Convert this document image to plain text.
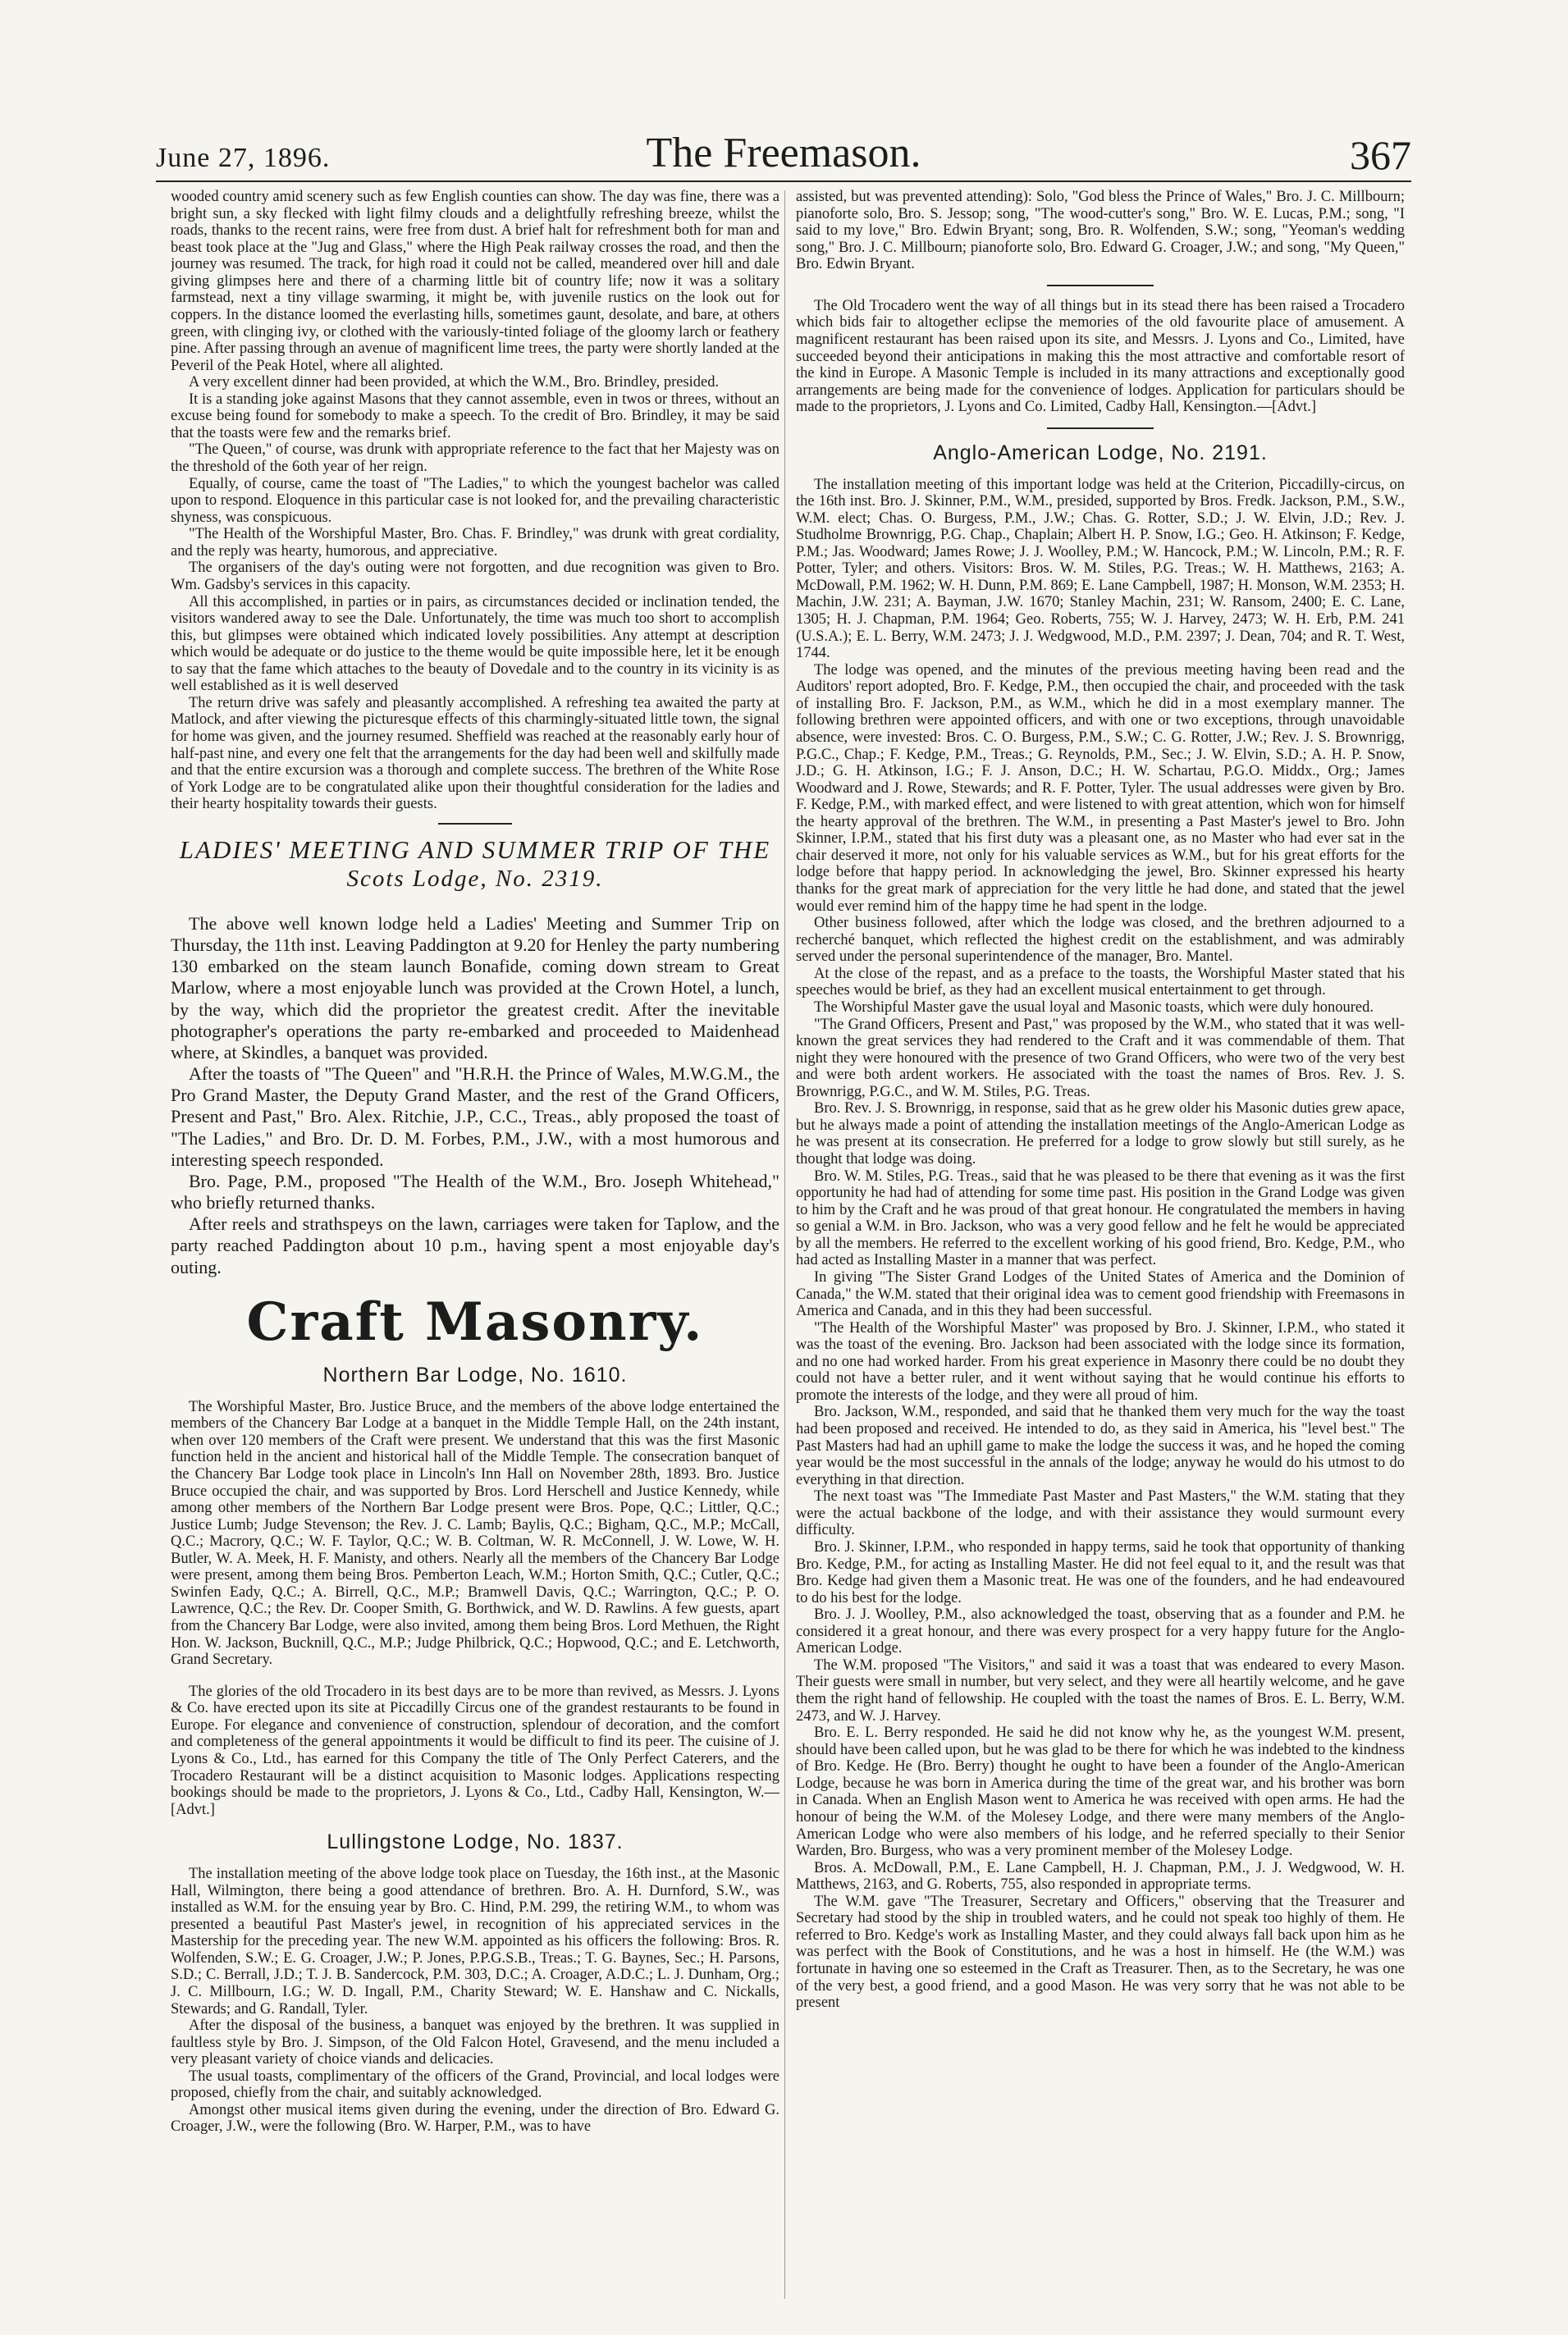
June 27, 1896.	The Freemason.	367

wooded country amid scenery such as few English counties can show. The day was fine, there was a bright sun, a sky flecked with light filmy clouds and a delightfully refreshing breeze, whilst the roads, thanks to the recent rains, were free from dust. A brief halt for refreshment both for man and beast took place at the "Jug and Glass," where the High Peak railway crosses the road, and then the journey was resumed. The track, for high road it could not be called, meandered over hill and dale giving glimpses here and there of a charming little bit of country life; now it was a solitary farmstead, next a tiny village swarming, it might be, with juvenile rustics on the look out for coppers. In the distance loomed the everlasting hills, sometimes gaunt, desolate, and bare, at others green, with clinging ivy, or clothed with the variously-tinted foliage of the gloomy larch or feathery pine. After passing through an avenue of magnificent lime trees, the party were shortly landed at the Peveril of the Peak Hotel, where all alighted.

A very excellent dinner had been provided, at which the W.M., Bro. Brindley, presided.

It is a standing joke against Masons that they cannot assemble, even in twos or threes, without an excuse being found for somebody to make a speech. To the credit of Bro. Brindley, it may be said that the toasts were few and the remarks brief.

"The Queen," of course, was drunk with appropriate reference to the fact that her Majesty was on the threshold of the 6oth year of her reign.

Equally, of course, came the toast of "The Ladies," to which the youngest bachelor was called upon to respond. Eloquence in this particular case is not looked for, and the prevailing characteristic shyness, was conspicuous.

"The Health of the Worshipful Master, Bro. Chas. F. Brindley," was drunk with great cordiality, and the reply was hearty, humorous, and appreciative.

The organisers of the day's outing were not forgotten, and due recognition was given to Bro. Wm. Gadsby's services in this capacity.

All this accomplished, in parties or in pairs, as circumstances decided or inclination tended, the visitors wandered away to see the Dale. Unfortunately, the time was much too short to accomplish this, but glimpses were obtained which indicated lovely possibilities. Any attempt at description which would be adequate or do justice to the theme would be quite impossible here, let it be enough to say that the fame which attaches to the beauty of Dovedale and to the country in its vicinity is as well established as it is well deserved

The return drive was safely and pleasantly accomplished. A refreshing tea awaited the party at Matlock, and after viewing the picturesque effects of this charmingly-situated little town, the signal for home was given, and the journey resumed. Sheffield was reached at the reasonably early hour of half-past nine, and every one felt that the arrangements for the day had been well and skilfully made and that the entire excursion was a thorough and complete success. The brethren of the White Rose of York Lodge are to be congratulated alike upon their thoughtful consideration for the ladies and their hearty hospitality towards their guests.

LADIES' MEETING AND SUMMER TRIP OF THE
Scots Lodge, No. 2319.

The above well known lodge held a Ladies' Meeting and Summer Trip on Thursday, the 11th inst. Leaving Paddington at 9.20 for Henley the party numbering 130 embarked on the steam launch Bonafide, coming down stream to Great Marlow, where a most enjoyable lunch was provided at the Crown Hotel, a lunch, by the way, which did the proprietor the greatest credit. After the inevitable photographer's operations the party re-embarked and proceeded to Maidenhead where, at Skindles, a banquet was provided.

After the toasts of "The Queen" and "H.R.H. the Prince of Wales, M.W.G.M., the Pro Grand Master, the Deputy Grand Master, and the rest of the Grand Officers, Present and Past," Bro. Alex. Ritchie, J.P., C.C., Treas., ably proposed the toast of "The Ladies," and Bro. Dr. D. M. Forbes, P.M., J.W., with a most humorous and interesting speech responded.

Bro. Page, P.M., proposed "The Health of the W.M., Bro. Joseph Whitehead," who briefly returned thanks.

After reels and strathspeys on the lawn, carriages were taken for Taplow, and the party reached Paddington about 10 p.m., having spent a most enjoyable day's outing.

Craft Masonry.
Northern Bar Lodge, No. 1610.

The Worshipful Master, Bro. Justice Bruce, and the members of the above lodge entertained the members of the Chancery Bar Lodge at a banquet in the Middle Temple Hall, on the 24th instant, when over 120 members of the Craft were present. We understand that this was the first Masonic function held in the ancient and historical hall of the Middle Temple. The consecration banquet of the Chancery Bar Lodge took place in Lincoln's Inn Hall on November 28th, 1893. Bro. Justice Bruce occupied the chair, and was supported by Bros. Lord Herschell and Justice Kennedy, while among other members of the Northern Bar Lodge present were Bros. Pope, Q.C.; Littler, Q.C.; Justice Lumb; Judge Stevenson; the Rev. J. C. Lamb; Baylis, Q.C.; Bigham, Q.C., M.P.; McCall, Q.C.; Macrory, Q.C.; W. F. Taylor, Q.C.; W. B. Coltman, W. R. McConnell, J. W. Lowe, W. H. Butler, W. A. Meek, H. F. Manisty, and others. Nearly all the members of the Chancery Bar Lodge were present, among them being Bros. Pemberton Leach, W.M.; Horton Smith, Q.C.; Cutler, Q.C.; Swinfen Eady, Q.C.; A. Birrell, Q.C., M.P.; Bramwell Davis, Q.C.; Warrington, Q.C.; P. O. Lawrence, Q.C.; the Rev. Dr. Cooper Smith, G. Borthwick, and W. D. Rawlins. A few guests, apart from the Chancery Bar Lodge, were also invited, among them being Bros. Lord Methuen, the Right Hon. W. Jackson, Bucknill, Q.C., M.P.; Judge Philbrick, Q.C.; Hopwood, Q.C.; and E. Letchworth, Grand Secretary.

The glories of the old Trocadero in its best days are to be more than revived, as Messrs. J. Lyons & Co. have erected upon its site at Piccadilly Circus one of the grandest restaurants to be found in Europe. For elegance and convenience of construction, splendour of decoration, and the comfort and completeness of the general appointments it would be difficult to find its peer. The cuisine of J. Lyons & Co., Ltd., has earned for this Company the title of The Only Perfect Caterers, and the Trocadero Restaurant will be a distinct acquisition to Masonic lodges. Applications respecting bookings should be made to the proprietors, J. Lyons & Co., Ltd., Cadby Hall, Kensington, W.—[Advt.]

Lullingstone Lodge, No. 1837.

The installation meeting of the above lodge took place on Tuesday, the 16th inst., at the Masonic Hall, Wilmington, there being a good attendance of brethren. Bro. A. H. Durnford, S.W., was installed as W.M. for the ensuing year by Bro. C. Hind, P.M. 299, the retiring W.M., to whom was presented a beautiful Past Master's jewel, in recognition of his appreciated services in the Mastership for the preceding year. The new W.M. appointed as his officers the following: Bros. R. Wolfenden, S.W.; E. G. Croager, J.W.; P. Jones, P.P.G.S.B., Treas.; T. G. Baynes, Sec.; H. Parsons, S.D.; C. Berrall, J.D.; T. J. B. Sandercock, P.M. 303, D.C.; A. Croager, A.D.C.; L. J. Dunham, Org.; J. C. Millbourn, I.G.; W. D. Ingall, P.M., Charity Steward; W. E. Hanshaw and C. Nickalls, Stewards; and G. Randall, Tyler.

After the disposal of the business, a banquet was enjoyed by the brethren. It was supplied in faultless style by Bro. J. Simpson, of the Old Falcon Hotel, Gravesend, and the menu included a very pleasant variety of choice viands and delicacies.

The usual toasts, complimentary of the officers of the Grand, Provincial, and local lodges were proposed, chiefly from the chair, and suitably acknowledged.

Amongst other musical items given during the evening, under the direction of Bro. Edward G. Croager, J.W., were the following (Bro. W. Harper, P.M., was to have

assisted, but was prevented attending): Solo, "God bless the Prince of Wales," Bro. J. C. Millbourn; pianoforte solo, Bro. S. Jessop; song, "The wood-cutter's song," Bro. W. E. Lucas, P.M.; song, "I said to my love," Bro. Edwin Bryant; song, Bro. R. Wolfenden, S.W.; song, "Yeoman's wedding song," Bro. J. C. Millbourn; pianoforte solo, Bro. Edward G. Croager, J.W.; and song, "My Queen," Bro. Edwin Bryant.

The Old Trocadero went the way of all things but in its stead there has been raised a Trocadero which bids fair to altogether eclipse the memories of the old favourite place of amusement. A magnificent restaurant has been raised upon its site, and Messrs. J. Lyons and Co., Limited, have succeeded beyond their anticipations in making this the most attractive and comfortable resort of the kind in Europe. A Masonic Temple is included in its many attractions and exceptionally good arrangements are being made for the convenience of lodges. Application for particulars should be made to the proprietors, J. Lyons and Co. Limited, Cadby Hall, Kensington.—[Advt.]

Anglo-American Lodge, No. 2191.

The installation meeting of this important lodge was held at the Criterion, Piccadilly-circus, on the 16th inst. Bro. J. Skinner, P.M., W.M., presided, supported by Bros. Fredk. Jackson, P.M., S.W., W.M. elect; Chas. O. Burgess, P.M., J.W.; Chas. G. Rotter, S.D.; J. W. Elvin, J.D.; Rev. J. Studholme Brownrigg, P.G. Chap., Chaplain; Albert H. P. Snow, I.G.; Geo. H. Atkinson; F. Kedge, P.M.; Jas. Woodward; James Rowe; J. J. Woolley, P.M.; W. Hancock, P.M.; W. Lincoln, P.M.; R. F. Potter, Tyler; and others. Visitors: Bros. W. M. Stiles, P.G. Treas.; W. H. Matthews, 2163; A. McDowall, P.M. 1962; W. H. Dunn, P.M. 869; E. Lane Campbell, 1987; H. Monson, W.M. 2353; H. Machin, J.W. 231; A. Bayman, J.W. 1670; Stanley Machin, 231; W. Ransom, 2400; E. C. Lane, 1305; H. J. Chapman, P.M. 1964; Geo. Roberts, 755; W. J. Harvey, 2473; W. H. Erb, P.M. 241 (U.S.A.); E. L. Berry, W.M. 2473; J. J. Wedgwood, M.D., P.M. 2397; J. Dean, 704; and R. T. West, 1744.

The lodge was opened, and the minutes of the previous meeting having been read and the Auditors' report adopted, Bro. F. Kedge, P.M., then occupied the chair, and proceeded with the task of installing Bro. F. Jackson, P.M., as W.M., which he did in a most exemplary manner. The following brethren were appointed officers, and with one or two exceptions, through unavoidable absence, were invested: Bros. C. O. Burgess, P.M., S.W.; C. G. Rotter, J.W.; Rev. J. S. Brownrigg, P.G.C., Chap.; F. Kedge, P.M., Treas.; G. Reynolds, P.M., Sec.; J. W. Elvin, S.D.; A. H. P. Snow, J.D.; G. H. Atkinson, I.G.; F. J. Anson, D.C.; H. W. Schartau, P.G.O. Middx., Org.; James Woodward and J. Rowe, Stewards; and R. F. Potter, Tyler. The usual addresses were given by Bro. F. Kedge, P.M., with marked effect, and were listened to with great attention, which won for himself the hearty approval of the brethren. The W.M., in presenting a Past Master's jewel to Bro. John Skinner, I.P.M., stated that his first duty was a pleasant one, as no Master who had ever sat in the chair deserved it more, not only for his valuable services as W.M., but for his great efforts for the lodge before that happy period. In acknowledging the jewel, Bro. Skinner expressed his hearty thanks for the great mark of appreciation for the very little he had done, and stated that the jewel would ever remind him of the happy time he had spent in the lodge.

Other business followed, after which the lodge was closed, and the brethren adjourned to a recherché banquet, which reflected the highest credit on the establishment, and was admirably served under the personal superintendence of the manager, Bro. Mantel.

At the close of the repast, and as a preface to the toasts, the Worshipful Master stated that his speeches would be brief, as they had an excellent musical entertainment to get through.

The Worshipful Master gave the usual loyal and Masonic toasts, which were duly honoured.

"The Grand Officers, Present and Past," was proposed by the W.M., who stated that it was well-known the great services they had rendered to the Craft and it was commendable of them. That night they were honoured with the presence of two Grand Officers, who were two of the very best and were both ardent workers. He associated with the toast the names of Bros. Rev. J. S. Brownrigg, P.G.C., and W. M. Stiles, P.G. Treas.

Bro. Rev. J. S. Brownrigg, in response, said that as he grew older his Masonic duties grew apace, but he always made a point of attending the installation meetings of the Anglo-American Lodge as he was present at its consecration. He preferred for a lodge to grow slowly but still surely, as he thought that lodge was doing.

Bro. W. M. Stiles, P.G. Treas., said that he was pleased to be there that evening as it was the first opportunity he had had of attending for some time past. His position in the Grand Lodge was given to him by the Craft and he was proud of that great honour. He congratulated the members in having so genial a W.M. in Bro. Jackson, who was a very good fellow and he felt he would be appreciated by all the members. He referred to the excellent working of his good friend, Bro. Kedge, P.M., who had acted as Installing Master in a manner that was perfect.

In giving "The Sister Grand Lodges of the United States of America and the Dominion of Canada," the W.M. stated that their original idea was to cement good friendship with Freemasons in America and Canada, and in this they had been successful.

"The Health of the Worshipful Master" was proposed by Bro. J. Skinner, I.P.M., who stated it was the toast of the evening. Bro. Jackson had been associated with the lodge since its formation, and no one had worked harder. From his great experience in Masonry there could be no doubt they could not have a better ruler, and it went without saying that he would continue his efforts to promote the interests of the lodge, and they were all proud of him.

Bro. Jackson, W.M., responded, and said that he thanked them very much for the way the toast had been proposed and received. He intended to do, as they said in America, his "level best." The Past Masters had had an uphill game to make the lodge the success it was, and he hoped the coming year would be the most successful in the annals of the lodge; anyway he would do his utmost to do everything in that direction.

The next toast was "The Immediate Past Master and Past Masters," the W.M. stating that they were the actual backbone of the lodge, and with their assistance they would surmount every difficulty.

Bro. J. Skinner, I.P.M., who responded in happy terms, said he took that opportunity of thanking Bro. Kedge, P.M., for acting as Installing Master. He did not feel equal to it, and the result was that Bro. Kedge had given them a Masonic treat. He was one of the founders, and he had endeavoured to do his best for the lodge.

Bro. J. J. Woolley, P.M., also acknowledged the toast, observing that as a founder and P.M. he considered it a great honour, and there was every prospect for a very happy future for the Anglo-American Lodge.

The W.M. proposed "The Visitors," and said it was a toast that was endeared to every Mason. Their guests were small in number, but very select, and they were all heartily welcome, and he gave them the right hand of fellowship. He coupled with the toast the names of Bros. E. L. Berry, W.M. 2473, and W. J. Harvey.

Bro. E. L. Berry responded. He said he did not know why he, as the youngest W.M. present, should have been called upon, but he was glad to be there for which he was indebted to the kindness of Bro. Kedge. He (Bro. Berry) thought he ought to have been a founder of the Anglo-American Lodge, because he was born in America during the time of the great war, and his brother was born in Canada. When an English Mason went to America he was received with open arms. He had the honour of being the W.M. of the Molesey Lodge, and there were many members of the Anglo-American Lodge who were also members of his lodge, and he referred specially to their Senior Warden, Bro. Burgess, who was a very prominent member of the Molesey Lodge.

Bros. A. McDowall, P.M., E. Lane Campbell, H. J. Chapman, P.M., J. J. Wedgwood, W. H. Matthews, 2163, and G. Roberts, 755, also responded in appropriate terms.

The W.M. gave "The Treasurer, Secretary and Officers," observing that the Treasurer and Secretary had stood by the ship in troubled waters, and he could not speak too highly of them. He referred to Bro. Kedge's work as Installing Master, and they could always fall back upon him as he was perfect with the Book of Constitutions, and he was a host in himself. He (the W.M.) was fortunate in having one so esteemed in the Craft as Treasurer. Then, as to the Secretary, he was one of the very best, a good friend, and a good Mason. He was very sorry that he was not able to be present
